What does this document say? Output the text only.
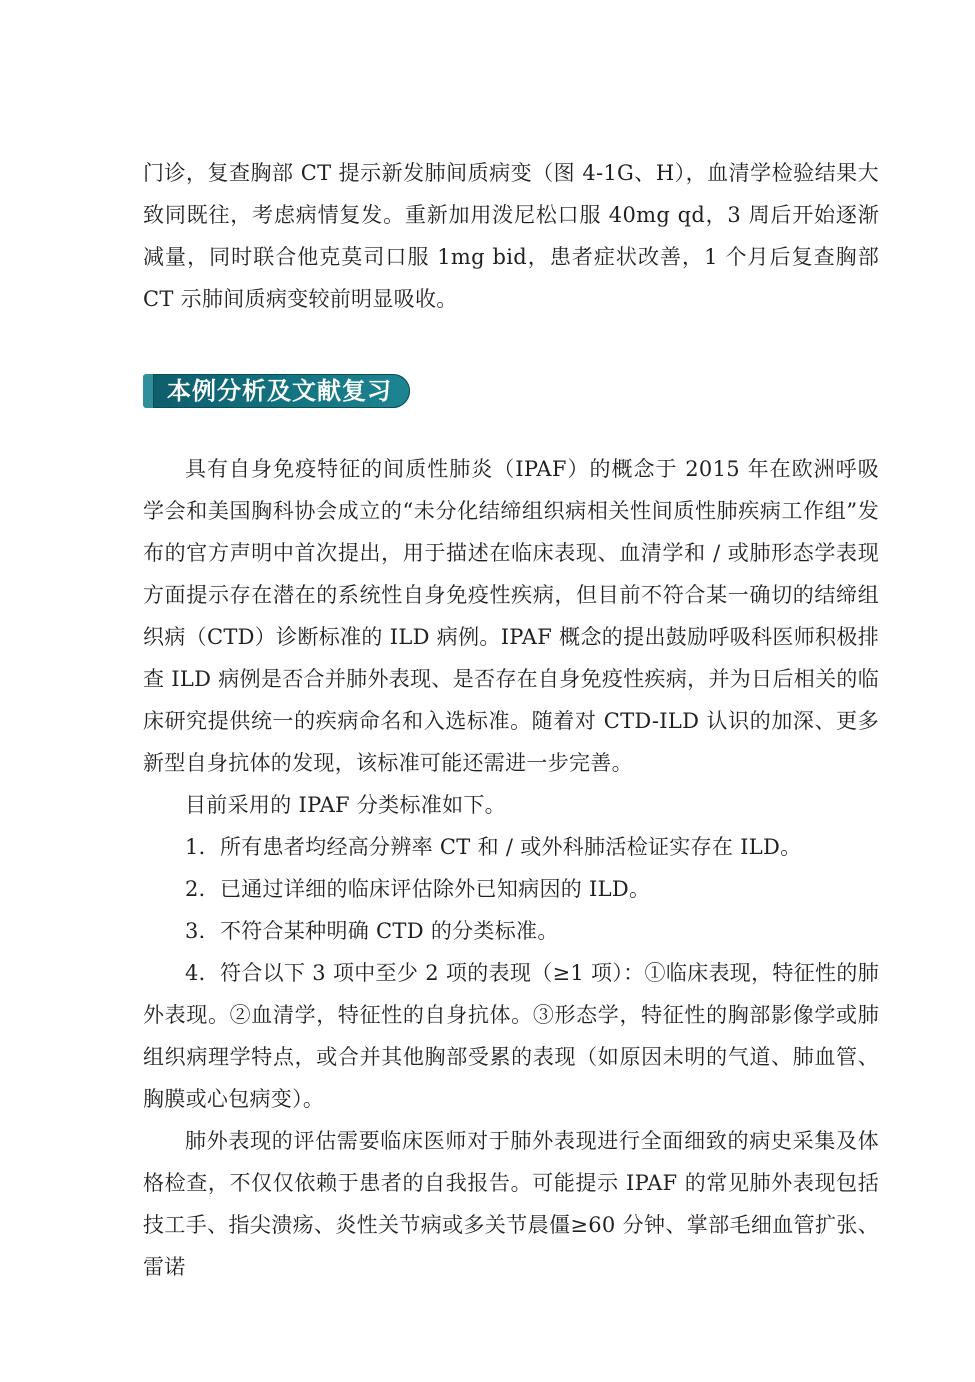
门诊，复查胸部 CT 提示新发肺间质病变（图 4-1G、H），血清学检验结果大致同既往，考虑病情复发。重新加用泼尼松口服 40mg qd，3 周后开始逐渐减量，同时联合他克莫司口服 1mg bid，患者症状改善，1 个月后复查胸部 CT 示肺间质病变较前明显吸收。

本例分析及文献复习

具有自身免疫特征的间质性肺炎（IPAF）的概念于 2015 年在欧洲呼吸学会和美国胸科协会成立的“未分化结缔组织病相关性间质性肺疾病工作组”发布的官方声明中首次提出，用于描述在临床表现、血清学和 / 或肺形态学表现方面提示存在潜在的系统性自身免疫性疾病，但目前不符合某一确切的结缔组织病（CTD）诊断标准的 ILD 病例。IPAF 概念的提出鼓励呼吸科医师积极排查 ILD 病例是否合并肺外表现、是否存在自身免疫性疾病，并为日后相关的临床研究提供统一的疾病命名和入选标准。随着对 CTD-ILD 认识的加深、更多新型自身抗体的发现，该标准可能还需进一步完善。

目前采用的 IPAF 分类标准如下。

1．所有患者均经高分辨率 CT 和 / 或外科肺活检证实存在 ILD。

2．已通过详细的临床评估除外已知病因的 ILD。

3．不符合某种明确 CTD 的分类标准。

4．符合以下 3 项中至少 2 项的表现（≥1 项）：①临床表现，特征性的肺外表现。②血清学，特征性的自身抗体。③形态学，特征性的胸部影像学或肺组织病理学特点，或合并其他胸部受累的表现（如原因未明的气道、肺血管、胸膜或心包病变）。

肺外表现的评估需要临床医师对于肺外表现进行全面细致的病史采集及体格检查，不仅仅依赖于患者的自我报告。可能提示 IPAF 的常见肺外表现包括技工手、指尖溃疡、炎性关节病或多关节晨僵≥60 分钟、掌部毛细血管扩张、雷诺
